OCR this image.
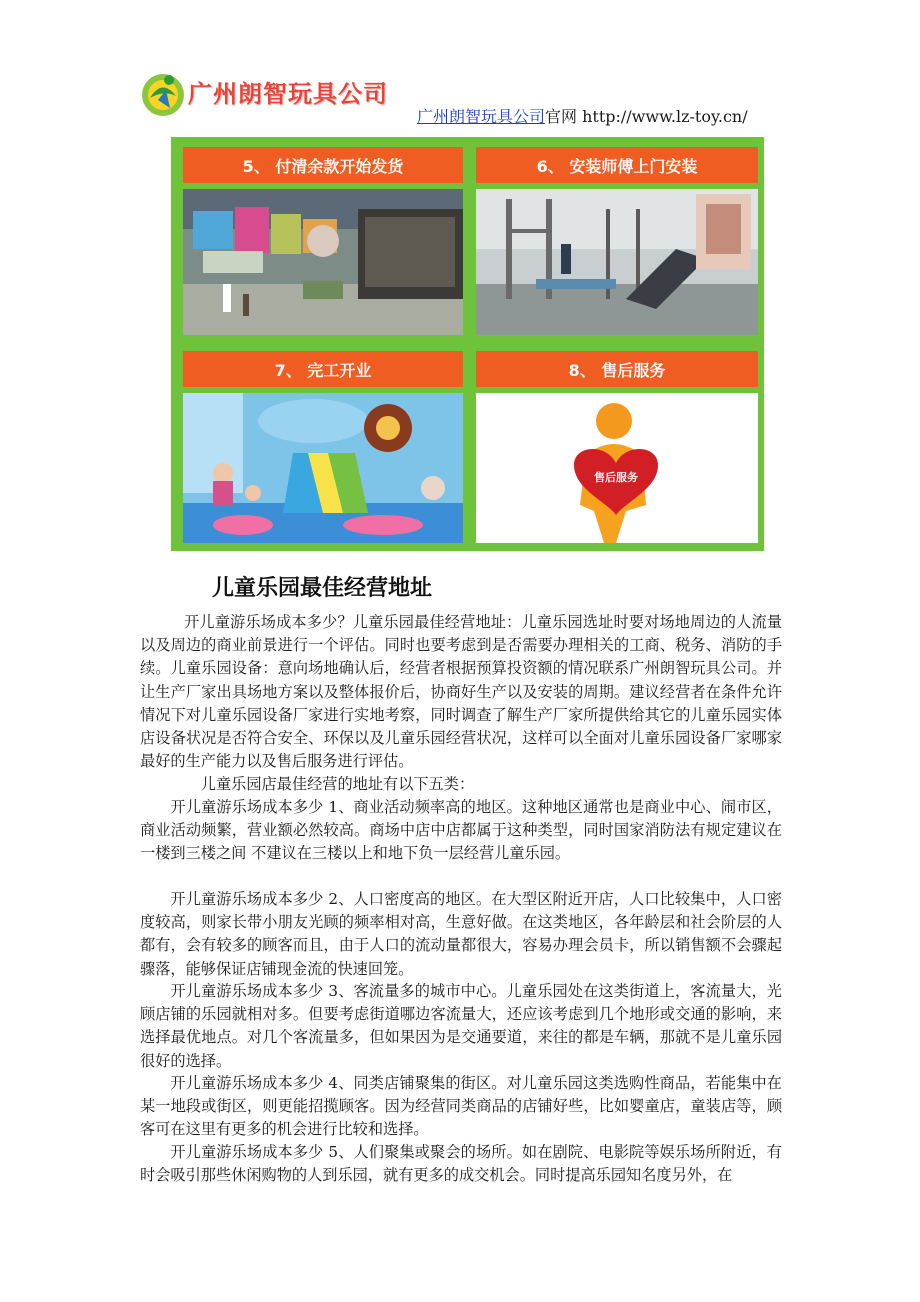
广州朗智玩具公司
广州朗智玩具公司官网 http://www.lz-toy.cn/
5、 付清余款开始发货	6、 安装师傅上门安装
7、 完工开业	8、 售后服务
售后服务
儿童乐园最佳经营地址

开儿童游乐场成本多少？儿童乐园最佳经营地址：儿童乐园选址时要对场地周边的人流量以及周边的商业前景进行一个评估。同时也要考虑到是否需要办理相关的工商、税务、消防的手续。儿童乐园设备：意向场地确认后，经营者根据预算投资额的情况联系广州朗智玩具公司。并让生产厂家出具场地方案以及整体报价后，协商好生产以及安装的周期。建议经营者在条件允许情况下对儿童乐园设备厂家进行实地考察，同时调查了解生产厂家所提供给其它的儿童乐园实体店设备状况是否符合安全、环保以及儿童乐园经营状况，这样可以全面对儿童乐园设备厂家哪家最好的生产能力以及售后服务进行评估。

儿童乐园店最佳经营的地址有以下五类：

开儿童游乐场成本多少 1、商业活动频率高的地区。这种地区通常也是商业中心、闹市区，商业活动频繁，营业额必然较高。商场中店中店都属于这种类型，同时国家消防法有规定建议在一楼到三楼之间 不建议在三楼以上和地下负一层经营儿童乐园。

开儿童游乐场成本多少 2、人口密度高的地区。在大型区附近开店，人口比较集中，人口密度较高，则家长带小朋友光顾的频率相对高，生意好做。在这类地区，各年龄层和社会阶层的人都有，会有较多的顾客而且，由于人口的流动量都很大，容易办理会员卡，所以销售额不会骤起骤落，能够保证店铺现金流的快速回笼。

开儿童游乐场成本多少 3、客流量多的城市中心。儿童乐园处在这类街道上，客流量大，光顾店铺的乐园就相对多。但要考虑街道哪边客流量大，还应该考虑到几个地形或交通的影响，来选择最优地点。对几个客流量多，但如果因为是交通要道，来往的都是车辆，那就不是儿童乐园很好的选择。

开儿童游乐场成本多少 4、同类店铺聚集的街区。对儿童乐园这类选购性商品，若能集中在某一地段或街区，则更能招揽顾客。因为经营同类商品的店铺好些，比如婴童店，童装店等，顾客可在这里有更多的机会进行比较和选择。

开儿童游乐场成本多少 5、人们聚集或聚会的场所。如在剧院、电影院等娱乐场所附近，有时会吸引那些休闲购物的人到乐园，就有更多的成交机会。同时提高乐园知名度另外，在
